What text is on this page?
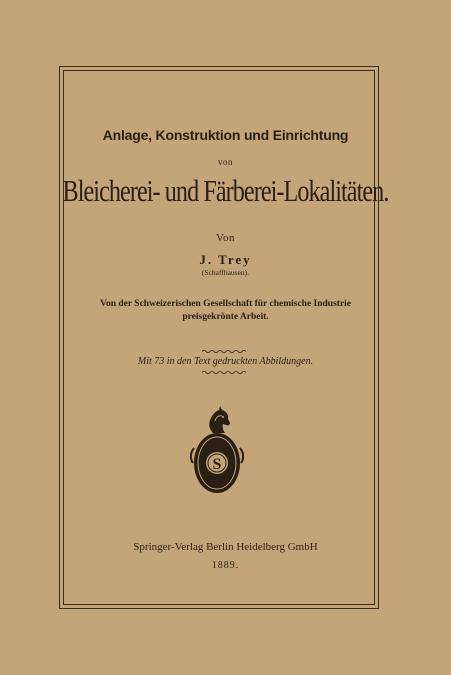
Anlage, Konstruktion und Einrichtung
von
Bleicherei- und Färberei-Lokalitäten.
Von
J. Trey
(Schaffhausen).
Von der Schweizerischen Gesellschaft für chemische Industrie
preisgekrönte Arbeit.
Mit 73 in den Text gedruckten Abbildungen.
S
Springer-Verlag Berlin Heidelberg GmbH
1889.
